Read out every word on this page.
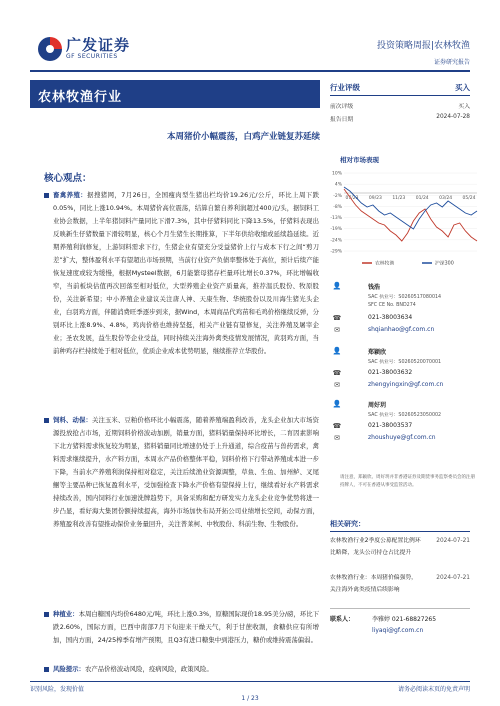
广发证券
GF SECURITIES
投资策略周报|农林牧渔
证券研究报告
农林牧渔行业
本周猪价小幅震荡，白鸡产业链复苏延续
核心观点：
畜禽养殖：据搜猪网，7月26日，全国瘦肉型生猪出栏均价19.26元/公斤，环比上周下跌0.05%，同比上涨10.94%。本周猪价高位震荡，结算自繁自养利润超过400元/头，据饲料工业协会数据，上半年猪饲料产量同比下滑7.3%，其中仔猪料同比下降13.5%，仔猪料表现出反映新生仔猪数量下滑较明显，核心个月生猪生长期推算，下半年供给收缩或延续趋延续。近期养殖利润修复，上游饲料需求下行，生猪企业有望充分受益猪价上行与成本下行之间“剪刀差”扩大，整体盈利水平有望超出市场预期，当前行业资产负债率整体处于高位，预计后续产能恢复速度或较为缓慢，根据Mysteel数据，6月能繁母猪存栏量环比增长0.37%，环比增幅收窄，当前板块估值再次回落至相对低位，大型养殖企业资产质量高，推荐温氏股份、牧原股份，关注新希望；中小养殖企业建议关注唐人神、天康生物、华统股份以及川海生猪光头企业，白羽鸡方面，伴随消费旺季逐步到来，据Wind，本周商品代鸡苗和毛鸡价格继续反弹，分别环比上涨8.9%、4.8%，鸡肉价格也维持坚挺，相关产业链有望修复，关注养殖及屠宰企业；圣农发展，益生股份等企业受益，同时持续关注海外禽类疫情发展情况，黄羽鸡方面，当前种鸡存栏持续处于相对低位，优质企业成本优势明显，继续推荐立华股份。
饲料、动保：关注玉米、豆粕价格环比小幅震荡，随着养殖端盈利改善，龙头企业加大市场资源投放抢占市场，近期饲料价格波动加剧，销量方面，猪料销量保持环比增长，二育因素影响下北方猪料需求恢复较为明显，猪料销量同比增速仍处于上升通道，综合疫苗与兽药需求，禽料需求继续提升，水产料方面，本周水产品价格整体平稳，饲料价格下行带动养殖成本进一步下降，当前水产养殖利润保持相对稳定，关注后续渔业资源调整，草鱼、生鱼、加州鲈、叉尾鮰等主要品种已恢复盈利水平，受加强检查下降水产价格有望保持上行，继续看好水产料需求持续改善，国内饲料行业加速洗牌趋势下，具备采购和配方研发实力龙头企业竞争优势将进一步凸显，看好海大集团份额持续提高，海外市场加快布局开拓公司业绩增长空间，动保方面，养殖盈利改善有望推动保价业务量回升，关注普莱柯、中牧股份、科前生物、生物股份。
种植业：本周白糖国内均价6480元/吨，环比上涨0.3%，原糖国际现价18.95美分/磅，环比下跌2.60%，国际方面，巴西中南部7月下旬迎来干燥天气，利于甘蔗收割，食糖供应有所增加，国内方面，24/25榨季有增产预期，且Q3有进口糖集中到港压力，糖价或维持震荡偏弱。
风险提示：农产品价格波动风险，疫病风险，政策风险。
行业评级	买入
前次评级	买入
报告日期	2024-07-28
相对市场表现
10%
4%
-2%
-8%
-13%
-19%
-24%
-29%
07/23 09/23 11/23 01/24 03/24 05/24
农林牧渔	沪深300
👤	钱浩
SAC 执业号：S0260517080014
SFC CE No. BND274
☎	021-38003634
✉	shqianhao@gf.com.cn
👤	郑颖欣
SAC 执业号：S0260520070001
☎	021-38003632
✉	zhengyingxin@gf.com.cn
👤	周好玥
SAC 执业号：S0260523050002
☎	021-38003537
✉	zhoushuye@gf.com.cn
请注意，郑颖欣、周好玥并非香港证券及期货事务监察委员会的注册持牌人，不可在香港从事受监管活动。
相关研究：
农林牧渔行业2季度公募配置比例环比略降，龙头公司持仓占比提升
2024-07-21
农林牧渔行业：本周猪价偏强势，关注海外禽类疫情后续影响
2024-07-21
联系人：	李雅婷 021-68827265
liyaqi@gf.com.cn
识别风险，发现价值	请务必阅读末页的免责声明
1 / 23
